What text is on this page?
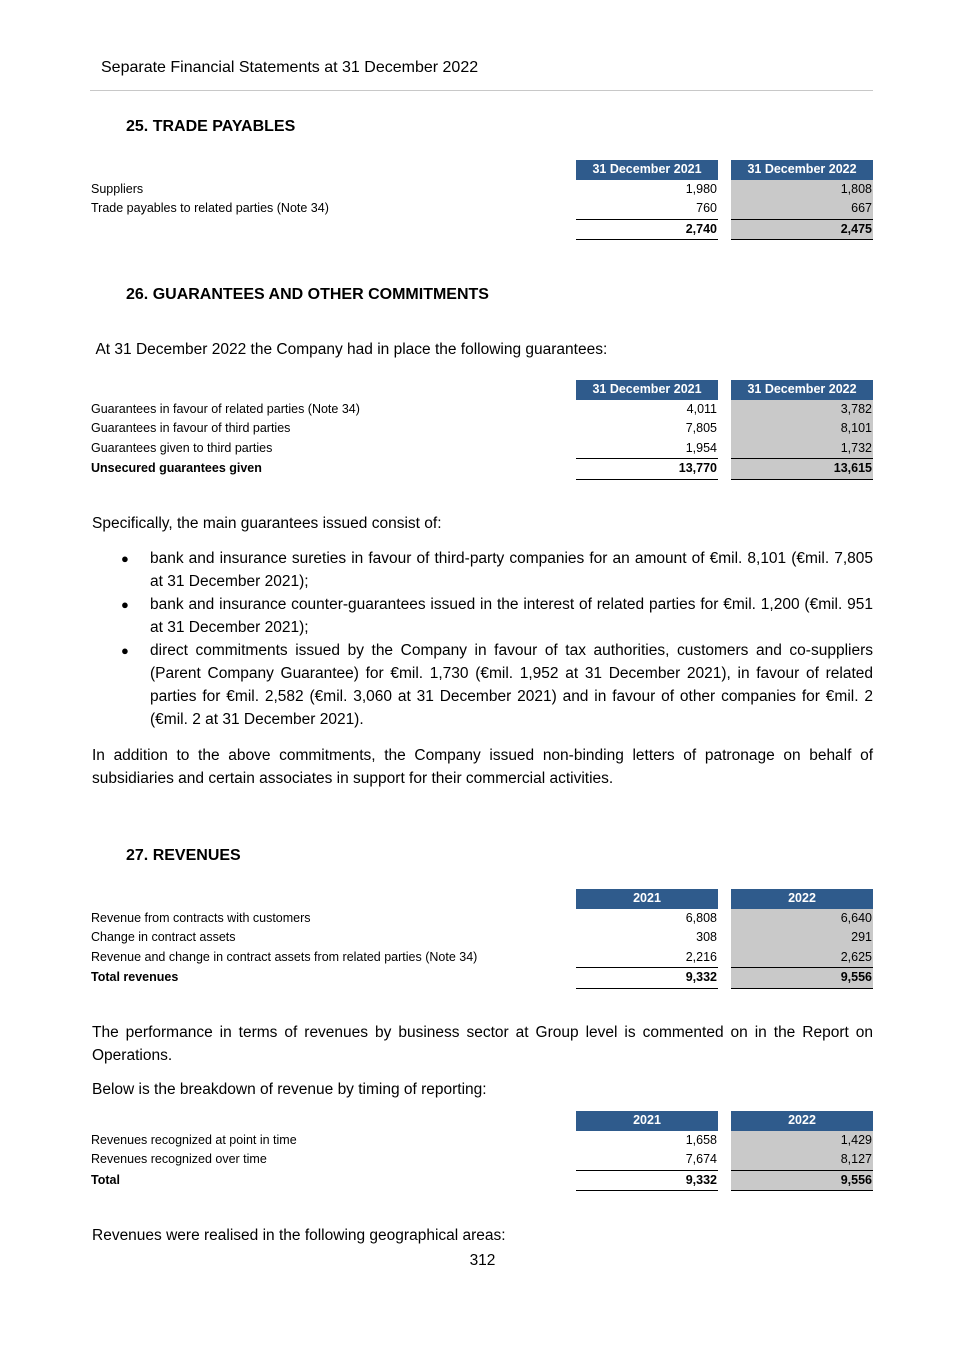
Separate Financial Statements at 31 December 2022
25. TRADE PAYABLES
	31 December 2021		31 December 2022
Suppliers	1,980		1,808
Trade payables to related parties (Note 34)	760		667
	2,740		2,475
26. GUARANTEES AND OTHER COMMITMENTS
At 31 December 2022 the Company had in place the following guarantees:
	31 December 2021		31 December 2022
Guarantees in favour of related parties (Note 34)	4,011		3,782
Guarantees in favour of third parties	7,805		8,101
Guarantees given to third parties	1,954		1,732
Unsecured guarantees given	13,770		13,615
Specifically, the main guarantees issued consist of:
● bank and insurance sureties in favour of third-party companies for an amount of €mil. 8,101 (€mil. 7,805 at 31 December 2021);
● bank and insurance counter-guarantees issued in the interest of related parties for €mil. 1,200 (€mil. 951 at 31 December 2021);
● direct commitments issued by the Company in favour of tax authorities, customers and co-suppliers (Parent Company Guarantee) for €mil. 1,730 (€mil. 1,952 at 31 December 2021), in favour of related parties for €mil. 2,582 (€mil. 3,060 at 31 December 2021) and in favour of other companies for €mil. 2 (€mil. 2 at 31 December 2021).
In addition to the above commitments, the Company issued non-binding letters of patronage on behalf of subsidiaries and certain associates in support for their commercial activities.
27. REVENUES
	2021		2022
Revenue from contracts with customers	6,808		6,640
Change in contract assets	308		291
Revenue and change in contract assets from related parties (Note 34)	2,216		2,625
Total revenues	9,332		9,556
The performance in terms of revenues by business sector at Group level is commented on in the Report on Operations.
Below is the breakdown of revenue by timing of reporting:
	2021		2022
Revenues recognized at point in time	1,658		1,429
Revenues recognized over time	7,674		8,127
Total	9,332		9,556
Revenues were realised in the following geographical areas:
312
